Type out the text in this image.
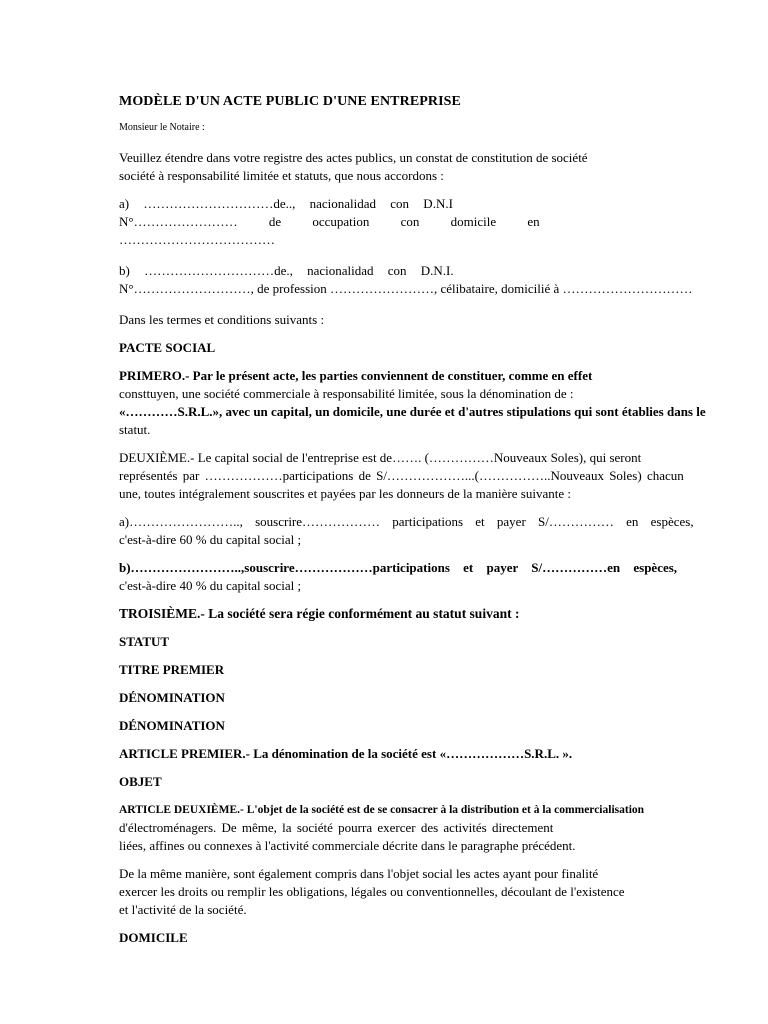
MODÈLE D'UN ACTE PUBLIC D'UNE ENTREPRISE
Monsieur le Notaire :

Veuillez étendre dans votre registre des actes publics, un constat de constitution de société
société à responsabilité limitée et statuts, que nous accordons :

a) …………………………de.., nacionalidad con D.N.I
N°…………………… de occupation con domicile en
………………………………

b) …………………………de., nacionalidad con D.N.I.
N°………………………, de profession ……………………, célibataire, domicilié à …………………………

Dans les termes et conditions suivants :

PACTE SOCIAL

PRIMERO.- Par le présent acte, les parties conviennent de constituer, comme en effet
consttuyen, une société commerciale à responsabilité limitée, sous la dénomination de :
«…………S.R.L.», avec un capital, un domicile, une durée et d'autres stipulations qui sont établies dans le
statut.

DEUXIÈME.- Le capital social de l'entreprise est de……. (……………Nouveaux Soles), qui seront
représentés par ………………participations de S/………………...(……………..Nouveaux Soles) chacun
une, toutes intégralement souscrites et payées par les donneurs de la manière suivante :

a)…………………….., souscrire……………… participations et payer S/…………… en espèces,
c'est-à-dire 60 % du capital social ;

b)……………………..,souscrire………………participations et payer S/……………en espèces,
c'est-à-dire 40 % du capital social ;

TROISIÈME.- La société sera régie conformément au statut suivant :
STATUT
TITRE PREMIER
DÉNOMINATION
DÉNOMINATION
ARTICLE PREMIER.- La dénomination de la société est «………………S.R.L. ».
OBJET

ARTICLE DEUXIÈME.- L'objet de la société est de se consacrer à la distribution et à la commercialisation
d'électroménagers. De même, la société pourra exercer des activités directement
liées, affines ou connexes à l'activité commerciale décrite dans le paragraphe précédent.

De la même manière, sont également compris dans l'objet social les actes ayant pour finalité
exercer les droits ou remplir les obligations, légales ou conventionnelles, découlant de l'existence
et l'activité de la société.

DOMICILE
